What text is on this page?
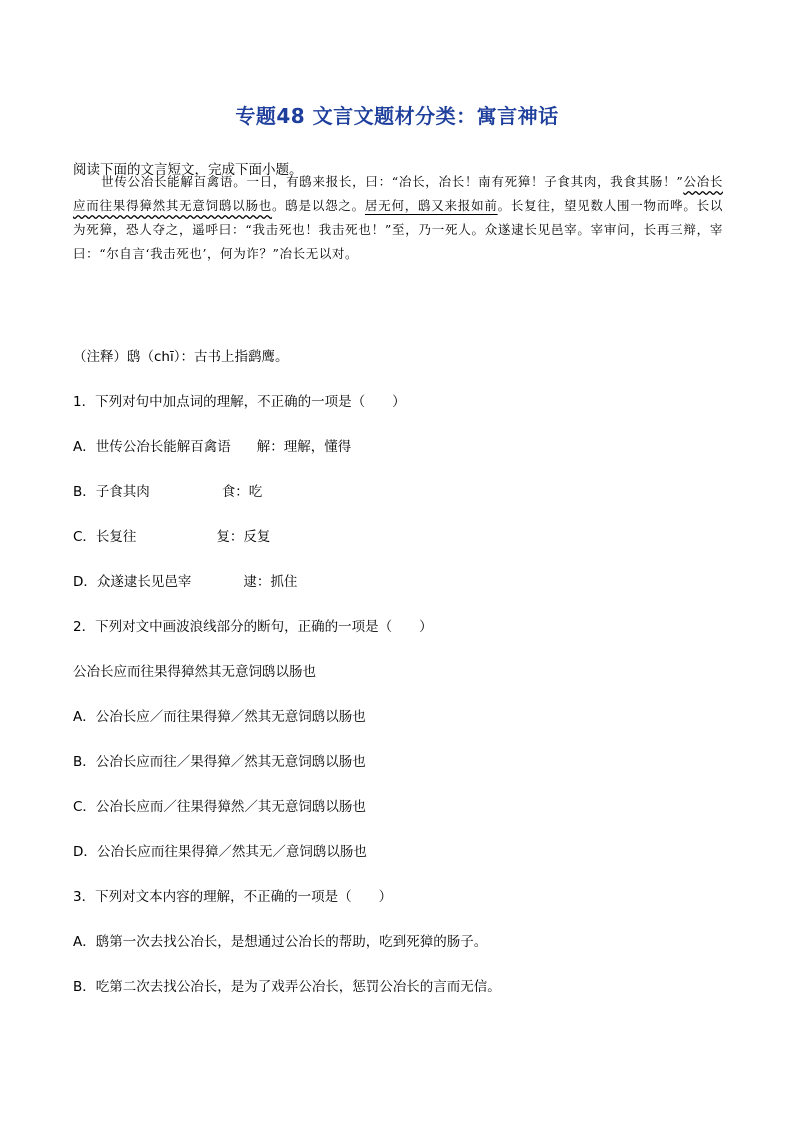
专题48 文言文题材分类：寓言神话
阅读下面的文言短文，完成下面小题。
世传公冶长能解百禽语。一日，有鸱来报长，曰：“冶长，冶长！南有死獐！子食其肉，我食其肠！”公冶长应而往果得獐然其无意饲鸱以肠也。鸱是以怨之。居无何，鸱又来报如前。长复往，望见数人围一物而哗。长以为死獐，恐人夺之，遥呼曰：“我击死也！我击死也！”至，乃一死人。众遂逮长见邑宰。宰审问，长再三辩，宰曰：“尔自言‘我击死也’，何为诈？”冶长无以对。
（注释）鸱（chī）：古书上指鹞鹰。
1．下列对句中加点词的理解，不正确的一项是（　　）
A．世传公冶长能解百禽语 解：理解，懂得
B．子食其肉	食：吃
C．长复往	复：反复
D．众遂逮长见邑宰	逮：抓住
2．下列对文中画波浪线部分的断句，正确的一项是（　　）
公冶长应而往果得獐然其无意饲鸱以肠也
A．公冶长应／而往果得獐／然其无意饲鸱以肠也
B．公冶长应而往／果得獐／然其无意饲鸱以肠也
C．公冶长应而／往果得獐然／其无意饲鸱以肠也
D．公冶长应而往果得獐／然其无／意饲鸱以肠也
3．下列对文本内容的理解，不正确的一项是（　　）
A．鸱第一次去找公冶长，是想通过公冶长的帮助，吃到死獐的肠子。
B．吃第二次去找公冶长，是为了戏弄公冶长，惩罚公冶长的言而无信。
